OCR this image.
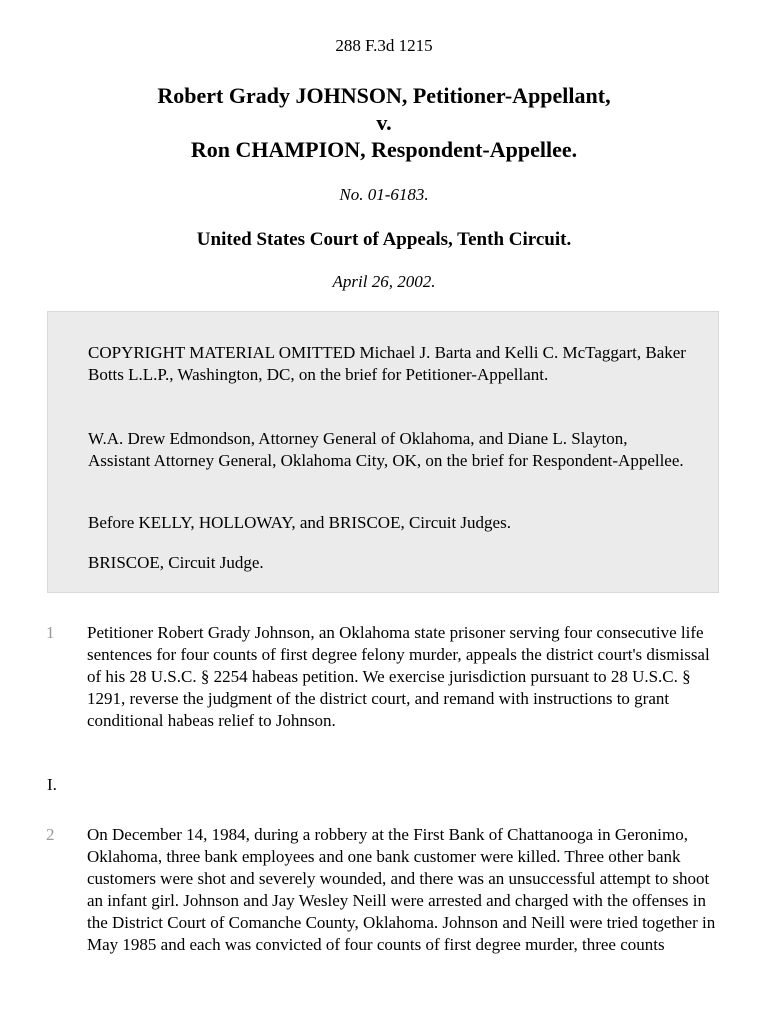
288 F.3d 1215
Robert Grady JOHNSON, Petitioner-Appellant,
v.
Ron CHAMPION, Respondent-Appellee.
No. 01-6183.
United States Court of Appeals, Tenth Circuit.
April 26, 2002.

COPYRIGHT MATERIAL OMITTED Michael J. Barta and Kelli C. McTaggart, Baker Botts L.L.P., Washington, DC, on the brief for Petitioner-Appellant.

W.A. Drew Edmondson, Attorney General of Oklahoma, and Diane L. Slayton, Assistant Attorney General, Oklahoma City, OK, on the brief for Respondent-Appellee.

Before KELLY, HOLLOWAY, and BRISCOE, Circuit Judges.

BRISCOE, Circuit Judge.

1	Petitioner Robert Grady Johnson, an Oklahoma state prisoner serving four consecutive life sentences for four counts of first degree felony murder, appeals the district court's dismissal of his 28 U.S.C. § 2254 habeas petition. We exercise jurisdiction pursuant to 28 U.S.C. § 1291, reverse the judgment of the district court, and remand with instructions to grant conditional habeas relief to Johnson.

I.
2	On December 14, 1984, during a robbery at the First Bank of Chattanooga in Geronimo, Oklahoma, three bank employees and one bank customer were killed. Three other bank customers were shot and severely wounded, and there was an unsuccessful attempt to shoot an infant girl. Johnson and Jay Wesley Neill were arrested and charged with the offenses in the District Court of Comanche County, Oklahoma. Johnson and Neill were tried together in May 1985 and each was convicted of four counts of first degree murder, three counts
